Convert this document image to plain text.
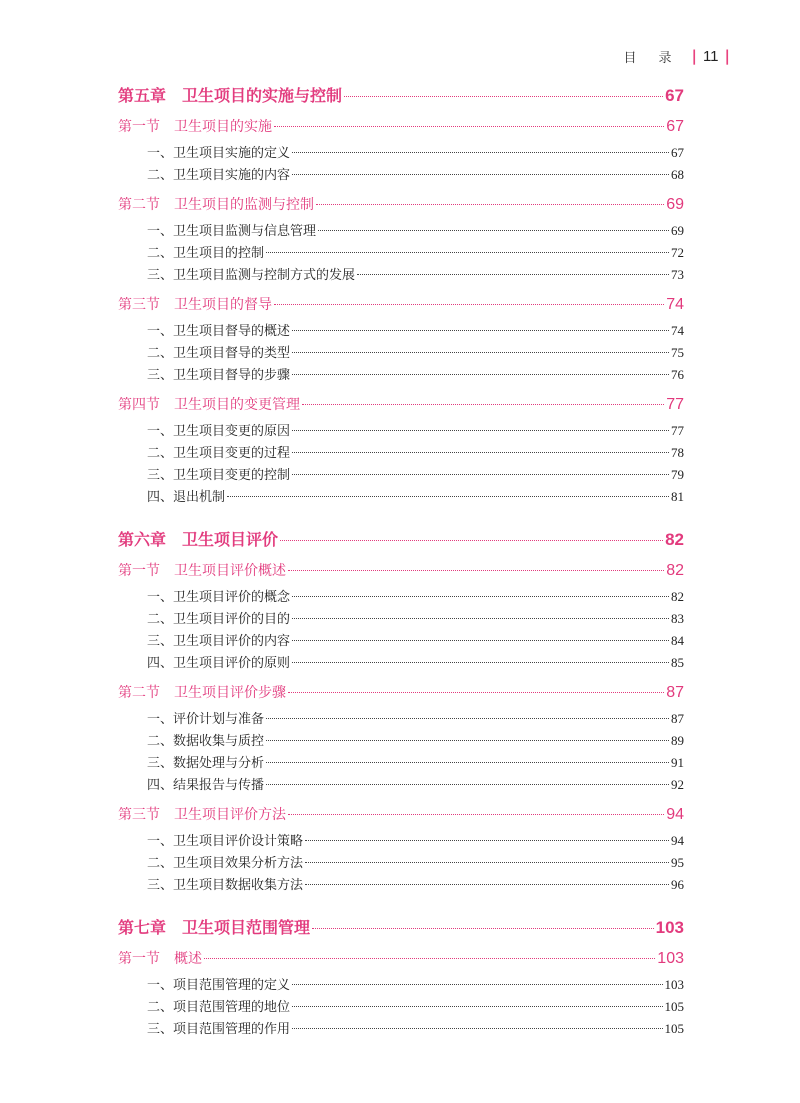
目录
| 11 |
第五章 卫生项目的实施与控制	67
第一节 卫生项目的实施	67
一、卫生项目实施的定义	67
二、卫生项目实施的内容	68
第二节 卫生项目的监测与控制	69
一、卫生项目监测与信息管理	69
二、卫生项目的控制	72
三、卫生项目监测与控制方式的发展	73
第三节 卫生项目的督导	74
一、卫生项目督导的概述	74
二、卫生项目督导的类型	75
三、卫生项目督导的步骤	76
第四节 卫生项目的变更管理	77
一、卫生项目变更的原因	77
二、卫生项目变更的过程	78
三、卫生项目变更的控制	79
四、退出机制	81
第六章 卫生项目评价	82
第一节 卫生项目评价概述	82
一、卫生项目评价的概念	82
二、卫生项目评价的目的	83
三、卫生项目评价的内容	84
四、卫生项目评价的原则	85
第二节 卫生项目评价步骤	87
一、评价计划与准备	87
二、数据收集与质控	89
三、数据处理与分析	91
四、结果报告与传播	92
第三节 卫生项目评价方法	94
一、卫生项目评价设计策略	94
二、卫生项目效果分析方法	95
三、卫生项目数据收集方法	96
第七章 卫生项目范围管理	103
第一节 概述	103
一、项目范围管理的定义	103
二、项目范围管理的地位	105
三、项目范围管理的作用	105
